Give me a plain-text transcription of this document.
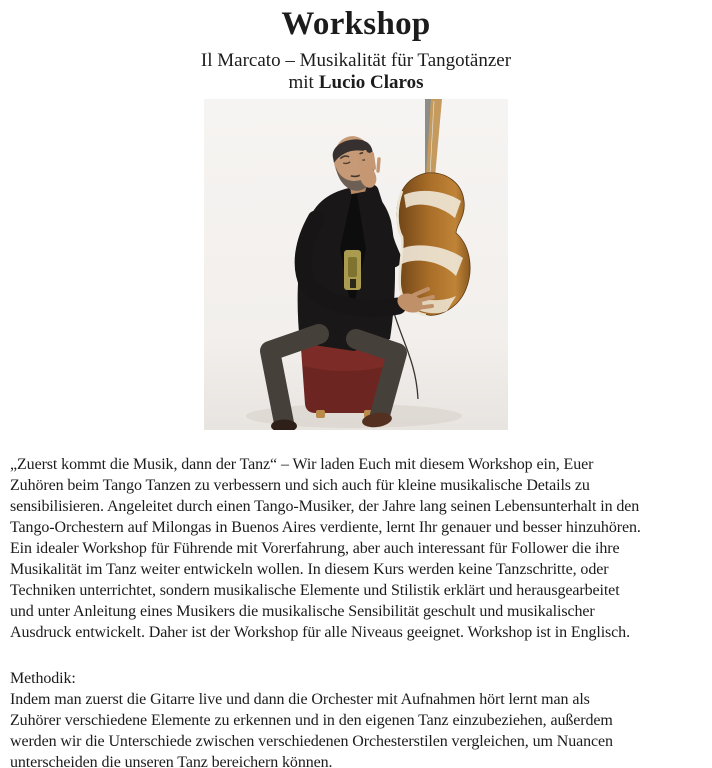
Workshop
Il Marcato – Musikalität für Tangotänzer
mit Lucio Claros
„Zuerst kommt die Musik, dann der Tanz“ – Wir laden Euch mit diesem Workshop ein, Euer
Zuhören beim Tango Tanzen zu verbessern und sich auch für kleine musikalische Details zu
sensibilisieren. Angeleitet durch einen Tango-Musiker, der Jahre lang seinen Lebensunterhalt in den
Tango-Orchestern auf Milongas in Buenos Aires verdiente, lernt Ihr genauer und besser hinzuhören.
Ein idealer Workshop für Führende mit Vorerfahrung, aber auch interessant für Follower die ihre
Musikalität im Tanz weiter entwickeln wollen. In diesem Kurs werden keine Tanzschritte, oder
Techniken unterrichtet, sondern musikalische Elemente und Stilistik erklärt und herausgearbeitet
und unter Anleitung eines Musikers die musikalische Sensibilität geschult und musikalischer
Ausdruck entwickelt. Daher ist der Workshop für alle Niveaus geeignet. Workshop ist in Englisch.
Methodik:
Indem man zuerst die Gitarre live und dann die Orchester mit Aufnahmen hört lernt man als
Zuhörer verschiedene Elemente zu erkennen und in den eigenen Tanz einzubeziehen, außerdem
werden wir die Unterschiede zwischen verschiedenen Orchesterstilen vergleichen, um Nuancen
unterscheiden die unseren Tanz bereichern können.
